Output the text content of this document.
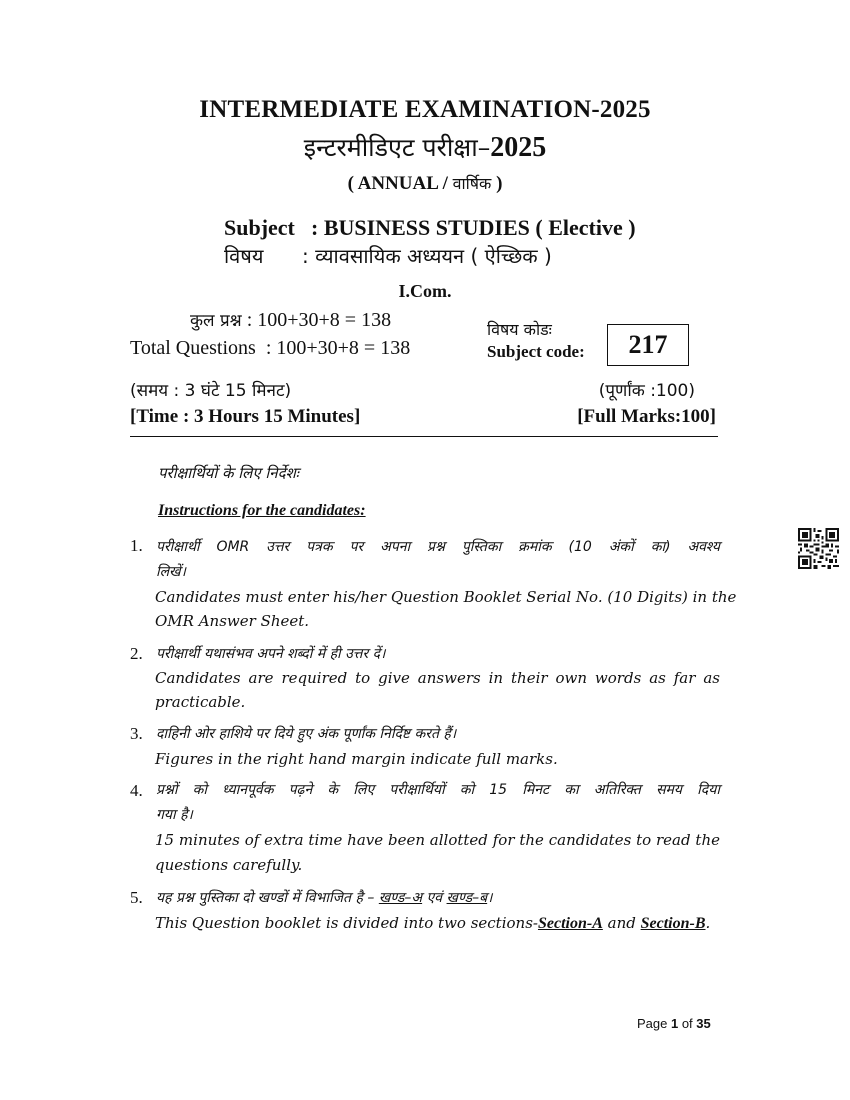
INTERMEDIATE EXAMINATION-2025
इन्टरमीडिएट परीक्षा–2025
( ANNUAL / वार्षिक )
Subject : BUSINESS STUDIES ( Elective )
विषय : व्यावसायिक अध्ययन ( ऐच्छिक )
I.Com.
कुल प्रश्न : 100+30+8 = 138
Total Questions : 100+30+8 = 138
विषय कोडः
Subject code:	217
(समय : 3 घंटे 15 मिनट)	(पूर्णांक :100)
[Time : 3 Hours 15 Minutes]	[Full Marks:100]
परीक्षार्थियों के लिए निर्देशः
Instructions for the candidates:
1. परीक्षार्थी OMR उत्तर पत्रक पर अपना प्रश्न पुस्तिका क्रमांक (10 अंकों का) अवश्य
लिखें।
Candidates must enter his/her Question Booklet Serial No. (10 Digits) in the
OMR Answer Sheet.
2. परीक्षार्थी यथासंभव अपने शब्दों में ही उत्तर दें।
Candidates are required to give answers in their own words as far as
practicable.
3. दाहिनी ओर हाशिये पर दिये हुए अंक पूर्णांक निर्दिष्ट करते हैं।
Figures in the right hand margin indicate full marks.
4. प्रश्नों को ध्यानपूर्वक पढ़ने के लिए परीक्षार्थियों को 15 मिनट का अतिरिक्त समय दिया
गया है।
15 minutes of extra time have been allotted for the candidates to read the
questions carefully.
5. यह प्रश्न पुस्तिका दो खण्डों में विभाजित है – खण्ड–अ एवं खण्ड–ब।
This Question booklet is divided into two sections-Section-A and Section-B.
Page 1 of 35
